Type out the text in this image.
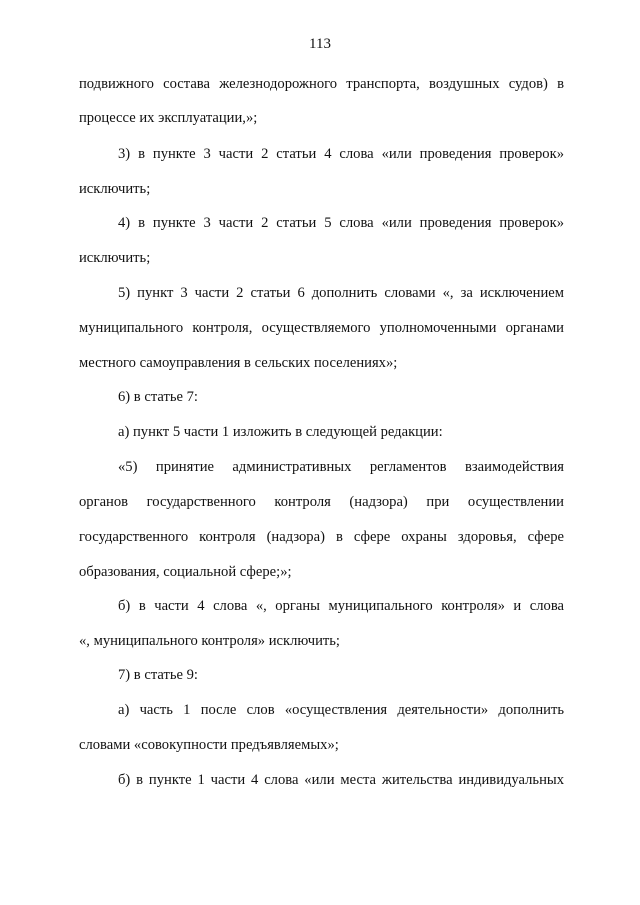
113
подвижного состава железнодорожного транспорта, воздушных судов) в
процессе их эксплуатации,»;
3) в пункте 3 части 2 статьи 4 слова «или проведения проверок»
исключить;
4) в пункте 3 части 2 статьи 5 слова «или проведения проверок»
исключить;
5) пункт 3 части 2 статьи 6 дополнить словами «, за исключением
муниципального контроля, осуществляемого уполномоченными органами
местного самоуправления в сельских поселениях»;
6) в статье 7:
а) пункт 5 части 1 изложить в следующей редакции:
«5) принятие административных регламентов взаимодействия
органов государственного контроля (надзора) при осуществлении
государственного контроля (надзора) в сфере охраны здоровья, сфере
образования, социальной сфере;»;
б) в части 4 слова «, органы муниципального контроля» и слова
«, муниципального контроля» исключить;
7) в статье 9:
а) часть 1 после слов «осуществления деятельности» дополнить
словами «совокупности предъявляемых»;
б) в пункте 1 части 4 слова «или места жительства индивидуальных
